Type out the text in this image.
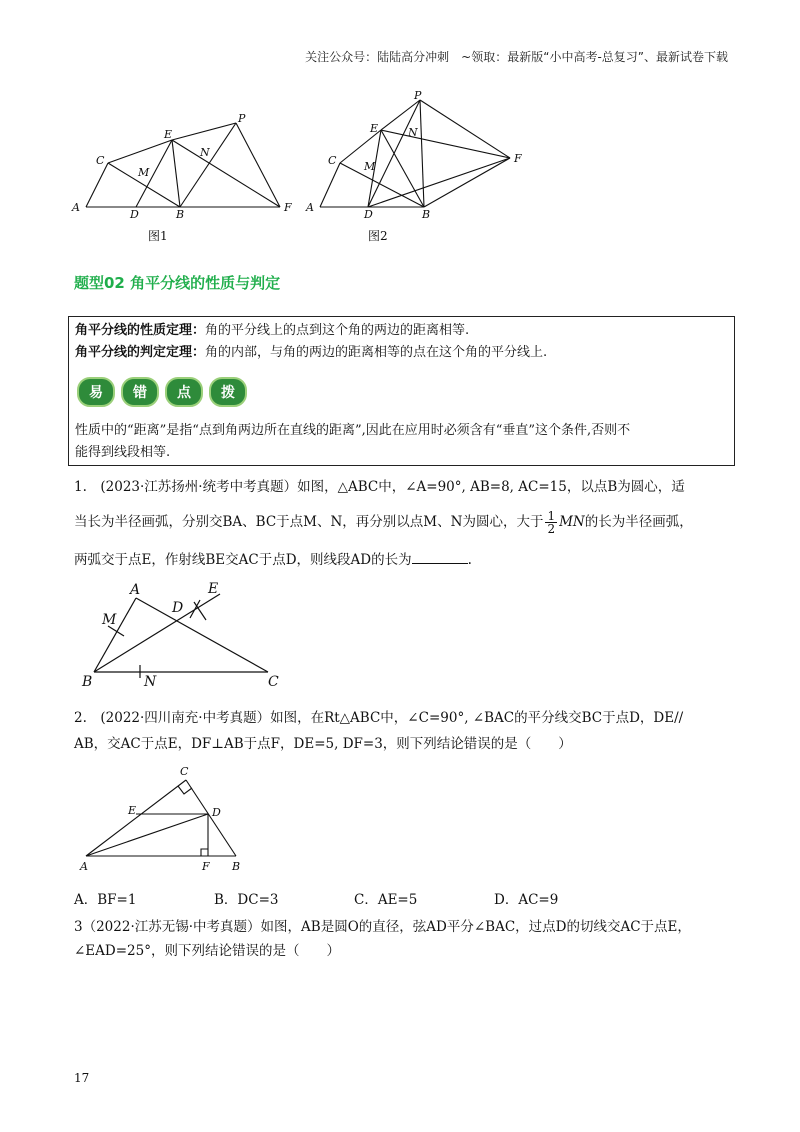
关注公众号：陆陆高分冲刺　~领取：最新版“小中高考-总复习”、最新试卷下载
A
C
E
P
M
N
D	B
F
图1
A
C
E
P
N
M
F
D	B
图2
题型02 角平分线的性质与判定
角平分线的性质定理：角的平分线上的点到这个角的两边的距离相等.
角平分线的判定定理：角的内部，与角的两边的距离相等的点在这个角的平分线上.
易	错	点	拨
性质中的“距离”是指“点到角两边所在直线的距离”,因此在应用时必须含有“垂直”这个条件,否则不
能得到线段相等.
1.　(2023·江苏扬州·统考中考真题）如图，△ABC中，∠A=90°, AB=8, AC=15，以点B为圆心，适
当长为半径画弧，分别交BA、BC于点M、N，再分别以点M、N为圆心，大于 $\frac{1}{2}$ MN的长为半径画弧，
两弧交于点E，作射线BE交AC于点D，则线段AD的长为	.
A	E
M
D
B	N	C
2.　(2022·四川南充·中考真题）如图，在Rt△ABC中，∠C=90°, ∠BAC的平分线交BC于点D，DE//
AB，交AC于点E，DF⊥AB于点F，DE=5, DF=3，则下列结论错误的是（　　）
C
E	D
A	F B
A．BF=1	B．DC=3	C．AE=5	D．AC=9
3（2022·江苏无锡·中考真题）如图，AB是圆O的直径，弦AD平分∠BAC，过点D的切线交AC于点E，
∠EAD=25°，则下列结论错误的是（　　）
17
